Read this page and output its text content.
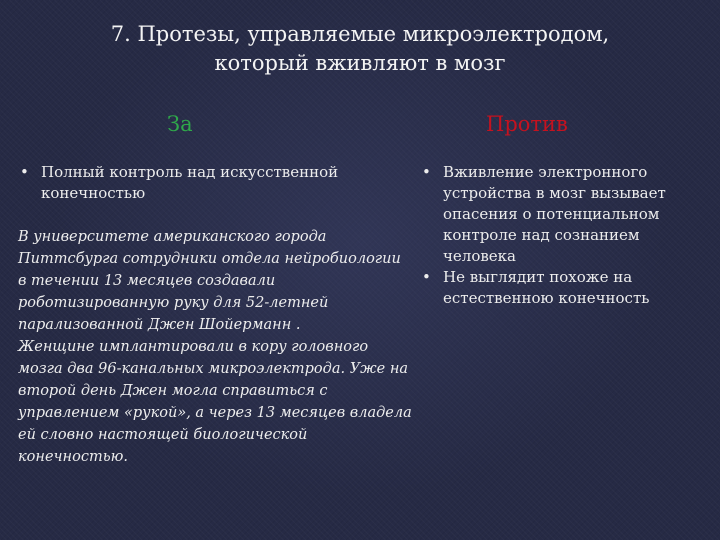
7. Протезы, управляемые микроэлектродом,
который вживляют в мозг
За	Против
• Полный контроль над искусственной конечностью
В университете американского города
Питтсбурга сотрудники отдела нейробиологии
в течении 13 месяцев создавали
роботизированную руку для 52-летней
парализованной Джен Шойерманн .
Женщине имплантировали в кору головного
мозга два 96-канальных микроэлектрода. Уже на
второй день Джен могла справиться с
управлением «рукой», а через 13 месяцев владела
ей словно настоящей биологической
конечностью.
• Вживление электронного устройства в мозг вызывает опасения о потенциальном контроле над сознанием человека
• Не выглядит похоже на естественною конечность
